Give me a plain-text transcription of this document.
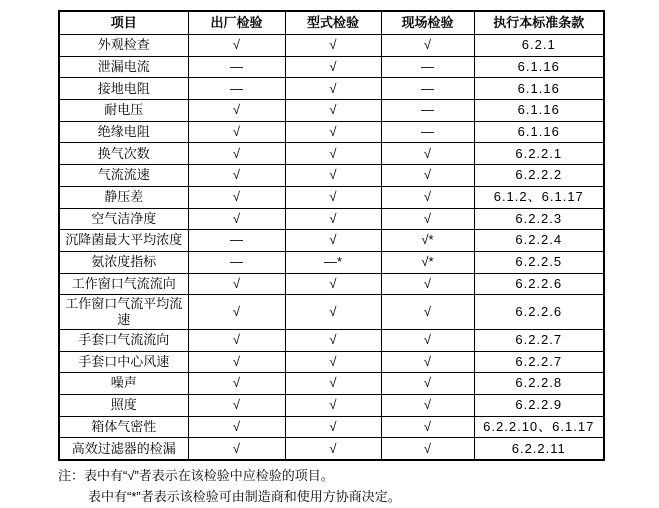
项目	出厂检验	型式检验	现场检验	执行本标准条款
外观检查	√	√	√	6.2.1
泄漏电流	—	√	—	6.1.16
接地电阻	—	√	—	6.1.16
耐电压	√	√	—	6.1.16
绝缘电阻	√	√	—	6.1.16
换气次数	√	√	√	6.2.2.1
气流流速	√	√	√	6.2.2.2
静压差	√	√	√	6.1.2、6.1.17
空气洁净度	√	√	√	6.2.2.3
沉降菌最大平均浓度	—	√	√*	6.2.2.4
氨浓度指标	—	—*	√*	6.2.2.5
工作窗口气流流向	√	√	√	6.2.2.6
工作窗口气流平均流速	√	√	√	6.2.2.6
手套口气流流向	√	√	√	6.2.2.7
手套口中心风速	√	√	√	6.2.2.7
噪声	√	√	√	6.2.2.8
照度	√	√	√	6.2.2.9
箱体气密性	√	√	√	6.2.2.10、6.1.17
高效过滤器的检漏	√	√	√	6.2.2.11
注：表中有“√”者表示在该检验中应检验的项目。
表中有“*”者表示该检验可由制造商和使用方协商决定。
